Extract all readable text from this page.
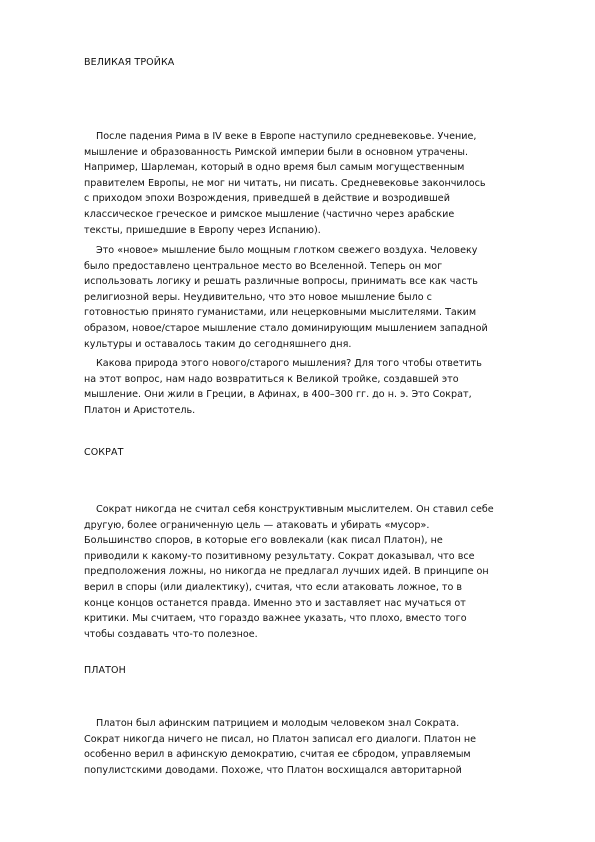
ВЕЛИКАЯ ТРОЙКА

После падения Рима в IV веке в Европе наступило средневековье. Учение,
мышление и образованность Римской империи были в основном утрачены.
Например, Шарлеман, который в одно время был самым могущественным
правителем Европы, не мог ни читать, ни писать. Средневековье закончилось
с приходом эпохи Возрождения, приведшей в действие и возродившей
классическое греческое и римское мышление (частично через арабские
тексты, пришедшие в Европу через Испанию).

Это «новое» мышление было мощным глотком свежего воздуха. Человеку
было предоставлено центральное место во Вселенной. Теперь он мог
использовать логику и решать различные вопросы, принимать все как часть
религиозной веры. Неудивительно, что это новое мышление было с
готовностью принято гуманистами, или нецерковными мыслителями. Таким
образом, новое/старое мышление стало доминирующим мышлением западной
культуры и оставалось таким до сегодняшнего дня.

Какова природа этого нового/старого мышления? Для того чтобы ответить
на этот вопрос, нам надо возвратиться к Великой тройке, создавшей это
мышление. Они жили в Греции, в Афинах, в 400–300 гг. до н. э. Это Сократ,
Платон и Аристотель.

СОКРАТ

Сократ никогда не считал себя конструктивным мыслителем. Он ставил себе
другую, более ограниченную цель — атаковать и убирать «мусор».
Большинство споров, в которые его вовлекали (как писал Платон), не
приводили к какому-то позитивному результату. Сократ доказывал, что все
предположения ложны, но никогда не предлагал лучших идей. В принципе он
верил в споры (или диалектику), считая, что если атаковать ложное, то в
конце концов останется правда. Именно это и заставляет нас мучаться от
критики. Мы считаем, что гораздо важнее указать, что плохо, вместо того
чтобы создавать что-то полезное.

ПЛАТОН

Платон был афинским патрицием и молодым человеком знал Сократа.
Сократ никогда ничего не писал, но Платон записал его диалоги. Платон не
особенно верил в афинскую демократию, считая ее сбродом, управляемым
популистскими доводами. Похоже, что Платон восхищался авторитарной
